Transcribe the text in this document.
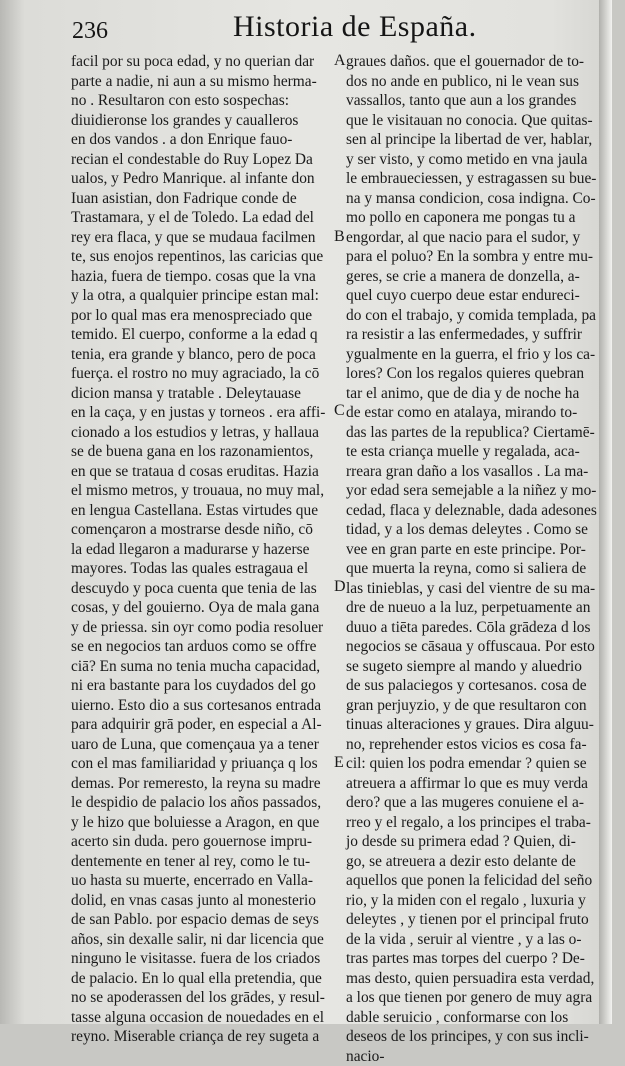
236	Historia de España.
facil por su poca edad, y no querian dar
parte a nadie, ni aun a su mismo herma-
no . Resultaron con esto sospechas:
diuidieronse los grandes y caualleros
en dos vandos . a don Enrique fauo-
recian el condestable do Ruy Lopez Da
ualos, y Pedro Manrique. al infante don
Iuan asistian, don Fadrique conde de
Trastamara, y el de Toledo. La edad del
rey era flaca, y que se mudaua facilmen
te, sus enojos repentinos, las caricias que
hazia, fuera de tiempo. cosas que la vna
y la otra, a qualquier principe estan mal:
por lo qual mas era menospreciado que
temido. El cuerpo, conforme a la edad q
tenia, era grande y blanco, pero de poca
fuerça. el rostro no muy agraciado, la cō
dicion mansa y tratable . Deleytauase
en la caça, y en justas y torneos . era affi-
cionado a los estudios y letras, y hallaua
se de buena gana en los razonamientos,
en que se trataua d cosas eruditas. Hazia
el mismo metros, y trouaua, no muy mal,
en lengua Castellana. Estas virtudes que
començaron a mostrarse desde niño, cō
la edad llegaron a madurarse y hazerse
mayores. Todas las quales estragaua el
descuydo y poca cuenta que tenia de las
cosas, y del gouierno. Oya de mala gana
y de priessa. sin oyr como podia resoluer
se en negocios tan arduos como se offre
ciā? En suma no tenia mucha capacidad,
ni era bastante para los cuydados del go
uierno. Esto dio a sus cortesanos entrada
para adquirir grā poder, en especial a Al-
uaro de Luna, que començaua ya a tener
con el mas familiaridad y priuança q los
demas. Por remeresto, la reyna su madre
le despidio de palacio los años passados,
y le hizo que boluiesse a Aragon, en que
acerto sin duda. pero gouernose impru-
dentemente en tener al rey, como le tu-
uo hasta su muerte, encerrado en Valla-
dolid, en vnas casas junto al monesterio
de san Pablo. por espacio demas de seys
años, sin dexalle salir, ni dar licencia que
ninguno le visitasse. fuera de los criados
de palacio. En lo qual ella pretendia, que
no se apoderassen del los grādes, y resul-
tasse alguna occasion de nouedades en el
reyno. Miserable criança de rey sugeta a
graues daños. que el gouernador de to-
dos no ande en publico, ni le vean sus
vassallos, tanto que aun a los grandes
que le visitauan no conocia. Que quitas-
sen al principe la libertad de ver, hablar,
y ser visto, y como metido en vna jaula
le embraueciessen, y estragassen su bue-
na y mansa condicion, cosa indigna. Co-
mo pollo en caponera me pongas tu a
engordar, al que nacio para el sudor, y
para el poluo? En la sombra y entre mu-
geres, se crie a manera de donzella, a-
quel cuyo cuerpo deue estar endureci-
do con el trabajo, y comida templada, pa
ra resistir a las enfermedades, y suffrir
ygualmente en la guerra, el frio y los ca-
lores? Con los regalos quieres quebran
tar el animo, que de dia y de noche ha
de estar como en atalaya, mirando to-
das las partes de la republica? Ciertamē-
te esta criança muelle y regalada, aca-
rreara gran daño a los vasallos . La ma-
yor edad sera semejable a la niñez y mo-
cedad, flaca y deleznable, dada adesones
tidad, y a los demas deleytes . Como se
vee en gran parte en este principe. Por-
que muerta la reyna, como si saliera de
las tinieblas, y casi del vientre de su ma-
dre de nueuo a la luz, perpetuamente an
duuo a tiēta paredes. Cōla grādeza d los
negocios se cāsaua y offuscaua. Por esto
se sugeto siempre al mando y aluedrio
de sus palaciegos y cortesanos. cosa de
gran perjuyzio, y de que resultaron con
tinuas alteraciones y graues. Dira alguu-
no, reprehender estos vicios es cosa fa-
cil: quien los podra emendar ? quien se
atreuera a affirmar lo que es muy verda
dero? que a las mugeres conuiene el a-
rreo y el regalo, a los principes el traba-
jo desde su primera edad ? Quien, di-
go, se atreuera a dezir esto delante de
aquellos que ponen la felicidad del seño
rio, y la miden con el regalo , luxuria y
deleytes , y tienen por el principal fruto
de la vida , seruir al vientre , y a las o-
tras partes mas torpes del cuerpo ? De-
mas desto, quien persuadira esta verdad,
a los que tienen por genero de muy agra
dable seruicio , conformarse con los
deseos de los principes, y con sus incli-
nacio-
A
B
C
D
E
